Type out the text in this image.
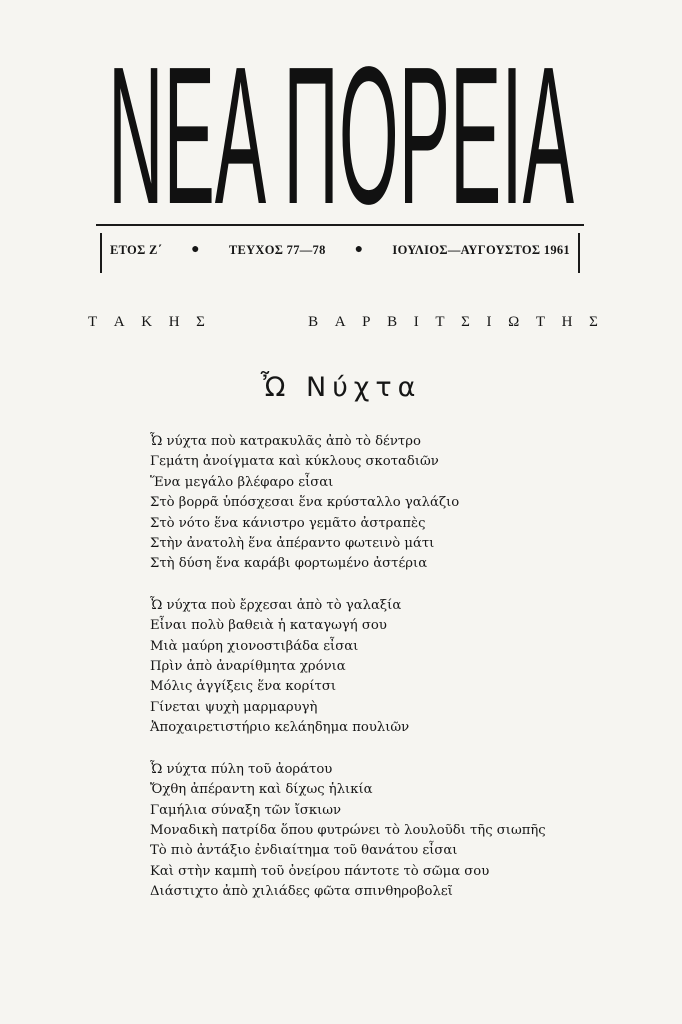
ΝΕΑ ΠΟΡΕΙΑ
ΕΤΟΣ Ζ΄ ● ΤΕΥΧΟΣ 77—78 ● ΙΟΥΛΙΟΣ—ΑΥΓΟΥΣΤΟΣ 1961
Τ Α Κ Η Σ	Β Α Ρ Β Ι Τ Σ Ι Ω Τ Η Σ
Ὦ Νύχτα
Ὦ νύχτα ποὺ κατρακυλᾶς ἀπὸ τὸ δέντρο
Γεμάτη ἀνοίγματα καὶ κύκλους σκοταδιῶν
Ἕνα μεγάλο βλέφαρο εἶσαι
Στὸ βορρᾶ ὑπόσχεσαι ἕνα κρύσταλλο γαλάζιο
Στὸ νότο ἕνα κάνιστρο γεμᾶτο ἀστραπὲς
Στὴν ἀνατολὴ ἕνα ἀπέραντο φωτεινὸ μάτι
Στὴ δύση ἕνα καράβι φορτωμένο ἀστέρια
Ὦ νύχτα ποὺ ἔρχεσαι ἀπὸ τὸ γαλαξία
Εἶναι πολὺ βαθειὰ ἡ καταγωγή σου
Μιὰ μαύρη χιονοστιβάδα εἶσαι
Πρὶν ἀπὸ ἀναρίθμητα χρόνια
Μόλις ἀγγίξεις ἕνα κορίτσι
Γίνεται ψυχὴ μαρμαρυγὴ
Ἀποχαιρετιστήριο κελάηδημα πουλιῶν
Ὦ νύχτα πύλη τοῦ ἀοράτου
Ὄχθη ἀπέραντη καὶ δίχως ἡλικία
Γαμήλια σύναξη τῶν ἴσκιων
Μοναδικὴ πατρίδα ὅπου φυτρώνει τὸ λουλοῦδι τῆς σιωπῆς
Τὸ πιὸ ἀντάξιο ἐνδιαίτημα τοῦ θανάτου εἶσαι
Καὶ στὴν καμπὴ τοῦ ὀνείρου πάντοτε τὸ σῶμα σου
Διάστιχτο ἀπὸ χιλιάδες φῶτα σπινθηροβολεῖ
